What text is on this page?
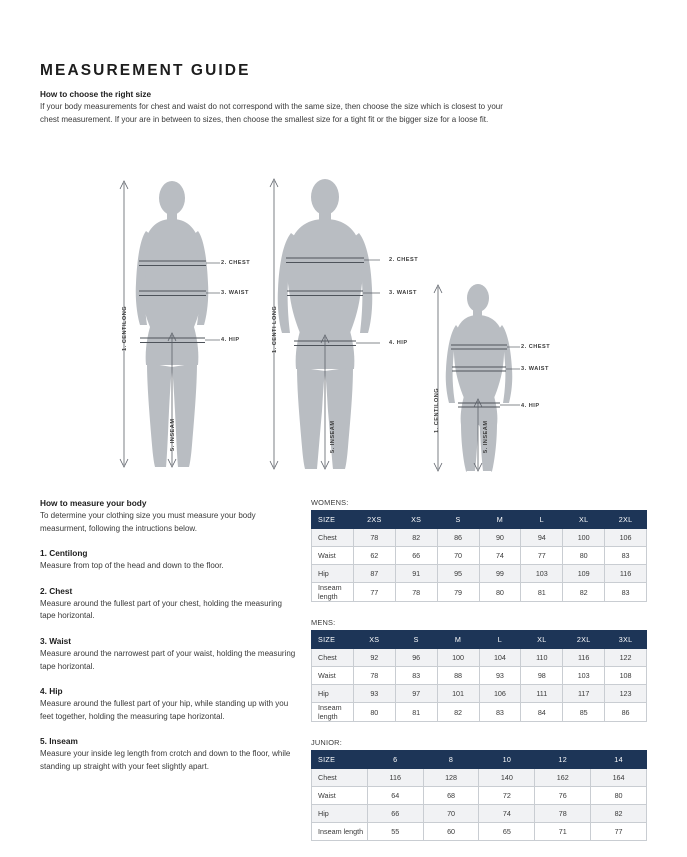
MEASUREMENT GUIDE
How to choose the right size
If your body measurements for chest and waist do not correspond with the same size, then choose the size which is closest to your chest measurement. If your are in between to sizes, then choose the smallest size for a tight fit or the bigger size for a loose fit.
1. CENTILONG
2. CHEST
3. WAIST
4. HIP
5. INSEAM
1. CENTI LONG
2. CHEST
3. WAIST
4. HIP
5. INSEAM
1. CENTILONG
2. CHEST
3. WAIST
4. HIP
5. INSEAM
How to measure your body
To determine your clothing size you must measure your body measurment, following the intructions below.
1. Centilong
Measure from top of the head and down to the floor.
2. Chest
Measure around the fullest part of your chest, holding the measuring tape horizontal.
3. Waist
Measure around the narrowest part of your waist, holding the measuring tape horizontal.
4. Hip
Measure around the fullest part of your hip, while standing up with you feet together, holding the measuring tape horizontal.
5. Inseam
Measure your inside leg length from crotch and down to the floor, while standing up straight with your feet slightly apart.
WOMENS:
SIZE	2XS	XS	S	M	L	XL	2XL
Chest	78	82	86	90	94	100	106
Waist	62	66	70	74	77	80	83
Hip	87	91	95	99	103	109	116
Inseam length	77	78	79	80	81	82	83
MENS:
SIZE	XS	S	M	L	XL	2XL	3XL
Chest	92	96	100	104	110	116	122
Waist	78	83	88	93	98	103	108
Hip	93	97	101	106	111	117	123
Inseam length	80	81	82	83	84	85	86
JUNIOR:
SIZE	6	8	10	12	14
Chest	116	128	140	162	164
Waist	64	68	72	76	80
Hip	66	70	74	78	82
Inseam length	55	60	65	71	77
